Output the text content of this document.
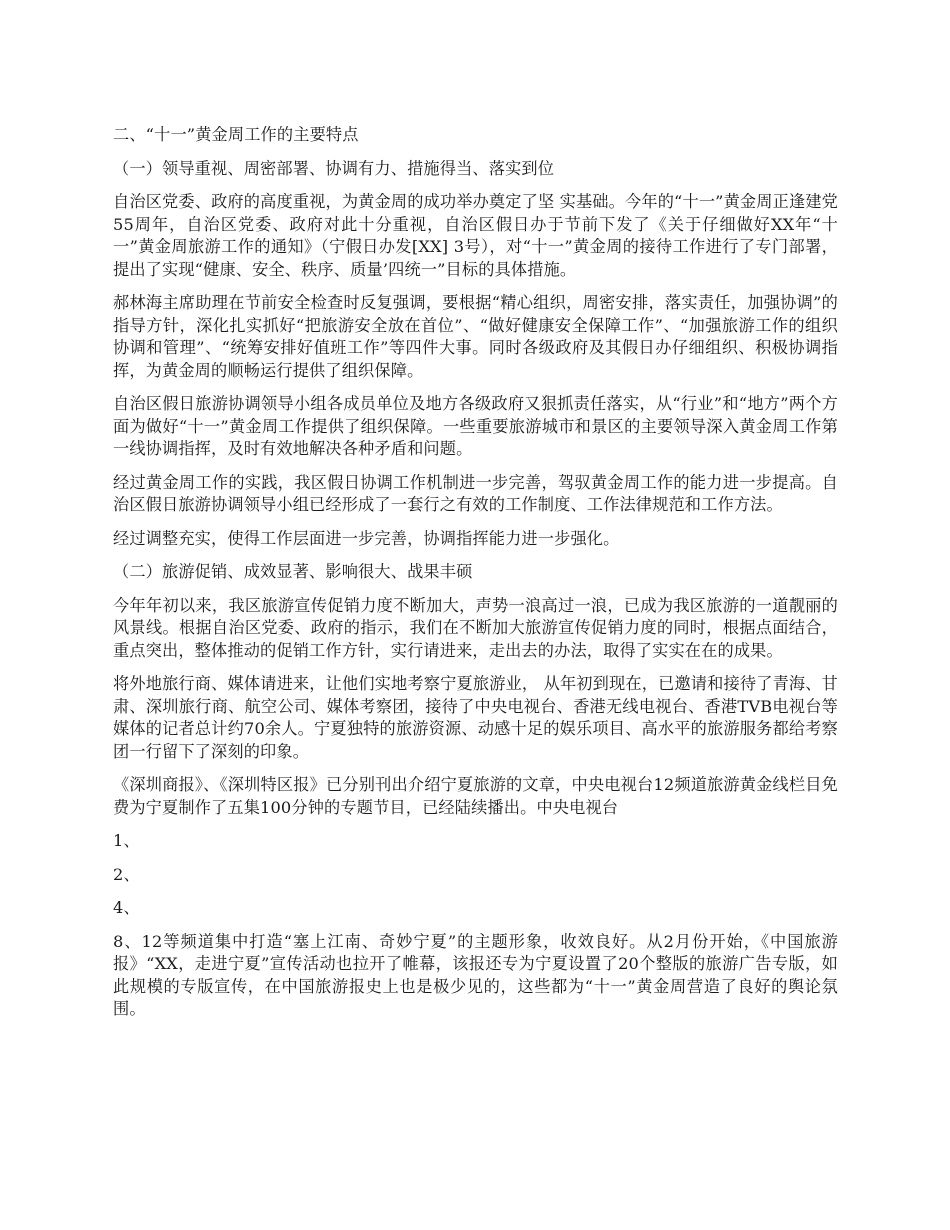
二、“十一”黄金周工作的主要特点
（一）领导重视、周密部署、协调有力、措施得当、落实到位

自治区党委、政府的高度重视，为黄金周的成功举办奠定了坚 实基础。今年的“十一”黄金周正逢建党55周年，自治区党委、政府对此十分重视，自治区假日办于节前下发了《关于仔细做好XX年“十一”黄金周旅游工作的通知》（宁假日办发[XX] 3号），对“十一”黄金周的接待工作进行了专门部署，提出了实现“健康、安全、秩序、质量’四统一”目标的具体措施。

郝林海主席助理在节前安全检查时反复强调，要根据“精心组织，周密安排，落实责任，加强协调”的指导方针，深化扎实抓好“把旅游安全放在首位”、“做好健康安全保障工作”、“加强旅游工作的组织协调和管理”、“统筹安排好值班工作”等四件大事。同时各级政府及其假日办仔细组织、积极协调指挥，为黄金周的顺畅运行提供了组织保障。

自治区假日旅游协调领导小组各成员单位及地方各级政府又狠抓责任落实，从“行业”和“地方”两个方面为做好“十一”黄金周工作提供了组织保障。一些重要旅游城市和景区的主要领导深入黄金周工作第一线协调指挥，及时有效地解决各种矛盾和问题。

经过黄金周工作的实践，我区假日协调工作机制进一步完善，驾驭黄金周工作的能力进一步提高。自治区假日旅游协调领导小组已经形成了一套行之有效的工作制度、工作法律规范和工作方法。

经过调整充实，使得工作层面进一步完善，协调指挥能力进一步强化。

（二）旅游促销、成效显著、影响很大、战果丰硕

今年年初以来，我区旅游宣传促销力度不断加大，声势一浪高过一浪，已成为我区旅游的一道靓丽的风景线。根据自治区党委、政府的指示，我们在不断加大旅游宣传促销力度的同时，根据点面结合，重点突出，整体推动的促销工作方针，实行请进来，走出去的办法，取得了实实在在的成果。

将外地旅行商、媒体请进来，让他们实地考察宁夏旅游业， 从年初到现在，已邀请和接待了青海、甘肃、深圳旅行商、航空公司、媒体考察团，接待了中央电视台、香港无线电视台、香港TVB电视台等媒体的记者总计约70余人。宁夏独特的旅游资源、动感十足的娱乐项目、高水平的旅游服务都给考察团一行留下了深刻的印象。

《深圳商报》、《深圳特区报》已分别刊出介绍宁夏旅游的文章，中央电视台12频道旅游黄金线栏目免费为宁夏制作了五集100分钟的专题节目，已经陆续播出。中央电视台

1、
2、
4、

8、12等频道集中打造“塞上江南、奇妙宁夏”的主题形象，收效良好。从2月份开始，《中国旅游报》“XX，走进宁夏”宣传活动也拉开了帷幕，该报还专为宁夏设置了20个整版的旅游广告专版，如此规模的专版宣传，在中国旅游报史上也是极少见的，这些都为“十一”黄金周营造了良好的舆论氛围。
